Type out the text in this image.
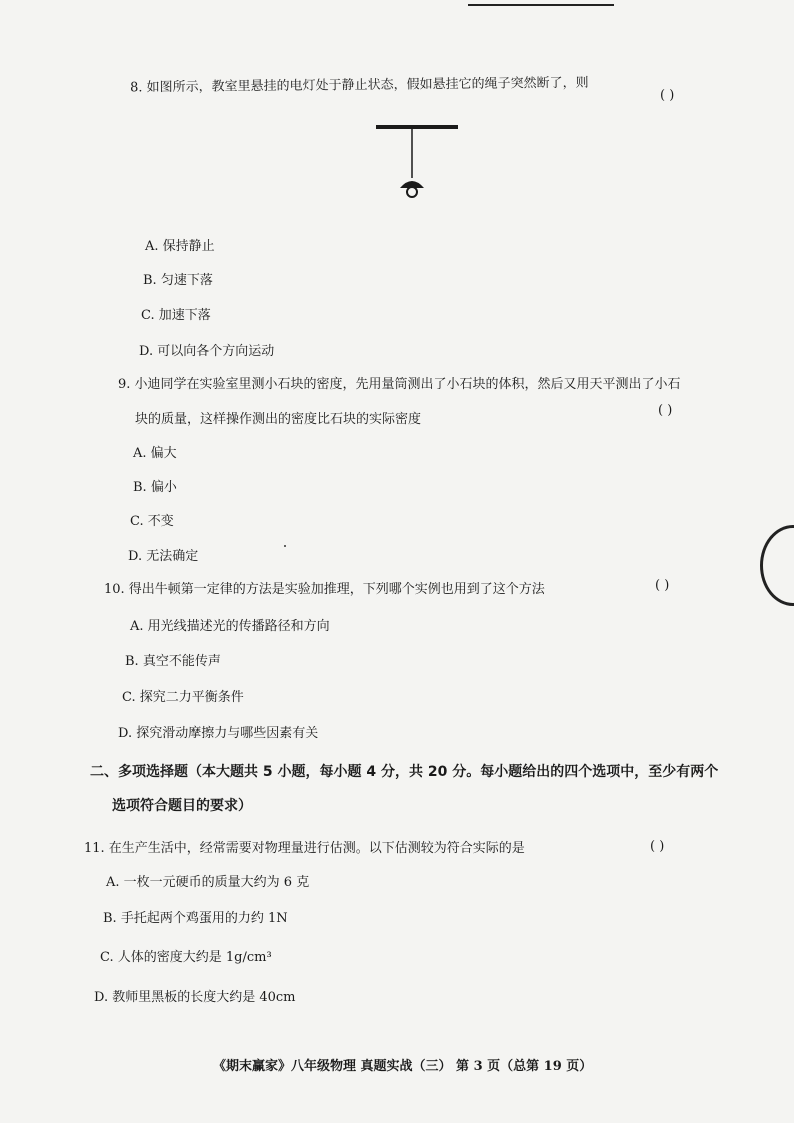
8. 如图所示，教室里悬挂的电灯处于静止状态，假如悬挂它的绳子突然断了，则
( )
A. 保持静止
B. 匀速下落
C. 加速下落
D. 可以向各个方向运动
9. 小迪同学在实验室里测小石块的密度，先用量筒测出了小石块的体积，然后又用天平测出了小石
块的质量，这样操作测出的密度比石块的实际密度
( )
A. 偏大
B. 偏小
C. 不变
D. 无法确定
10. 得出牛顿第一定律的方法是实验加推理，下列哪个实例也用到了这个方法	( )
A. 用光线描述光的传播路径和方向
B. 真空不能传声
C. 探究二力平衡条件
D. 探究滑动摩擦力与哪些因素有关
二、多项选择题（本大题共 5 小题，每小题 4 分，共 20 分。每小题给出的四个选项中，至少有两个
选项符合题目的要求）
11. 在生产生活中，经常需要对物理量进行估测。以下估测较为符合实际的是	( )
A. 一枚一元硬币的质量大约为 6 克
B. 手托起两个鸡蛋用的力约 1N
C. 人体的密度大约是 1g/cm³
D. 教师里黑板的长度大约是 40cm
《期末赢家》八年级物理 真题实战（三） 第 3 页（总第 19 页）
